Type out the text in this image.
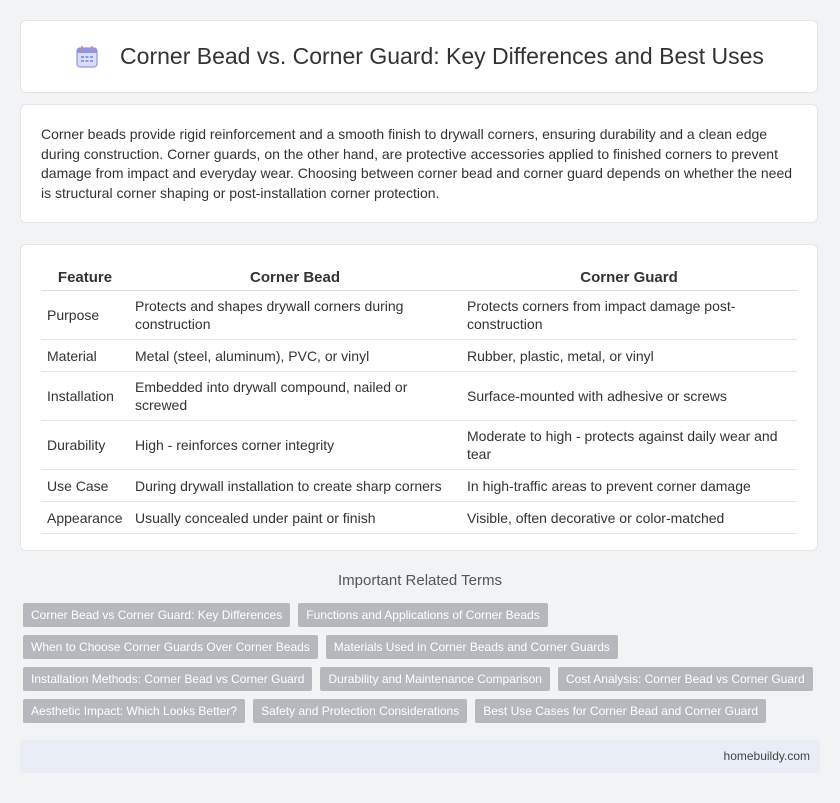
Corner Bead vs. Corner Guard: Key Differences and Best Uses

Corner beads provide rigid reinforcement and a smooth finish to drywall corners, ensuring durability and a clean edge during construction. Corner guards, on the other hand, are protective accessories applied to finished corners to prevent damage from impact and everyday wear. Choosing between corner bead and corner guard depends on whether the need is structural corner shaping or post-installation corner protection.

Feature	Corner Bead	Corner Guard
Purpose	Protects and shapes drywall corners during construction	Protects corners from impact damage post-construction
Material	Metal (steel, aluminum), PVC, or vinyl	Rubber, plastic, metal, or vinyl
Installation	Embedded into drywall compound, nailed or screwed	Surface-mounted with adhesive or screws
Durability	High - reinforces corner integrity	Moderate to high - protects against daily wear and tear
Use Case	During drywall installation to create sharp corners	In high-traffic areas to prevent corner damage
Appearance	Usually concealed under paint or finish	Visible, often decorative or color-matched
Important Related Terms
Corner Bead vs Corner Guard: Key Differences	Functions and Applications of Corner Beads
When to Choose Corner Guards Over Corner Beads	Materials Used in Corner Beads and Corner Guards
Installation Methods: Corner Bead vs Corner Guard	Durability and Maintenance Comparison	Cost Analysis: Corner Bead vs Corner Guard
Aesthetic Impact: Which Looks Better?	Safety and Protection Considerations	Best Use Cases for Corner Bead and Corner Guard
homebuildy.com
